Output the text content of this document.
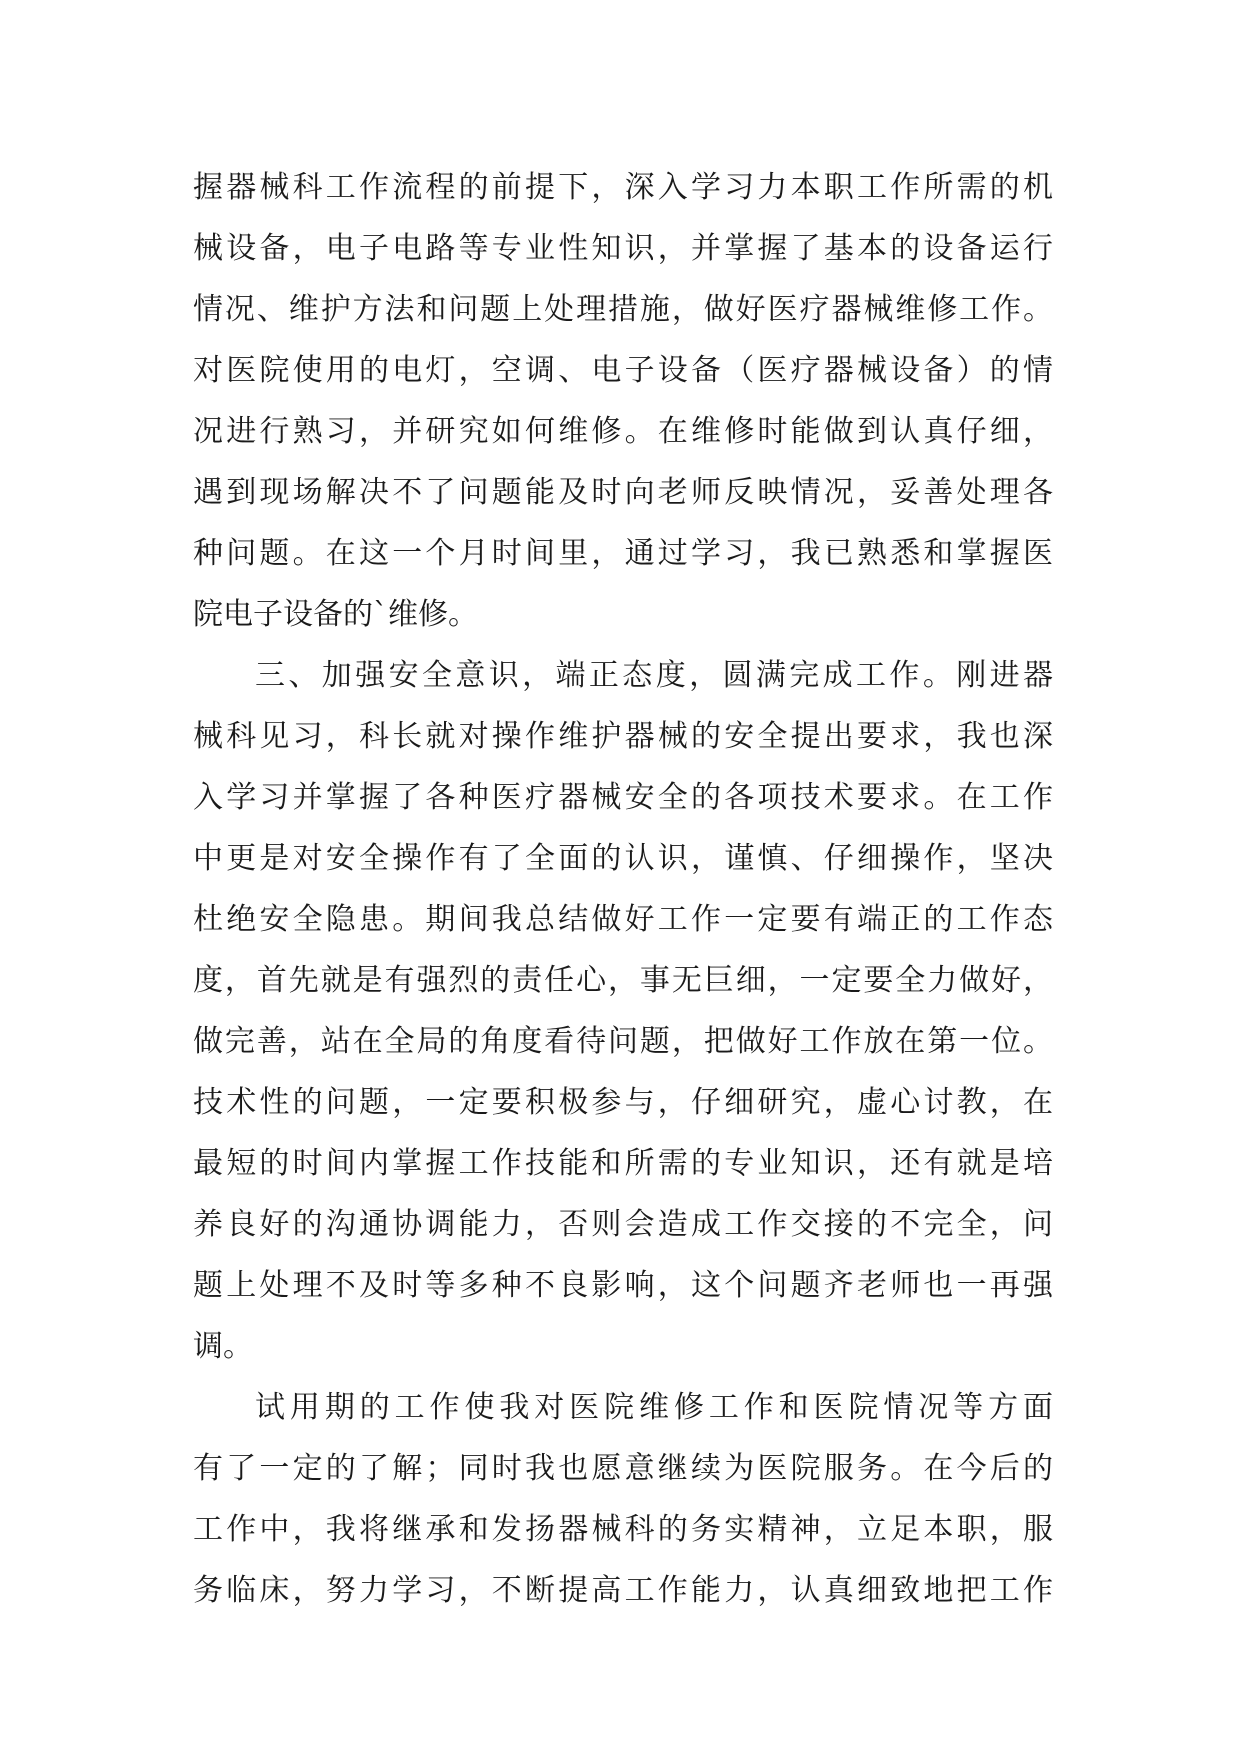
握器械科工作流程的前提下，深入学习力本职工作所需的机
械设备，电子电路等专业性知识，并掌握了基本的设备运行
情况、维护方法和问题上处理措施，做好医疗器械维修工作。
对医院使用的电灯，空调、电子设备（医疗器械设备）的情
况进行熟习，并研究如何维修。在维修时能做到认真仔细，
遇到现场解决不了问题能及时向老师反映情况，妥善处理各
种问题。在这一个月时间里，通过学习，我已熟悉和掌握医
院电子设备的`维修。
三、加强安全意识，端正态度，圆满完成工作。刚进器
械科见习，科长就对操作维护器械的安全提出要求，我也深
入学习并掌握了各种医疗器械安全的各项技术要求。在工作
中更是对安全操作有了全面的认识，谨慎、仔细操作，坚决
杜绝安全隐患。期间我总结做好工作一定要有端正的工作态
度，首先就是有强烈的责任心，事无巨细，一定要全力做好，
做完善，站在全局的角度看待问题，把做好工作放在第一位。
技术性的问题，一定要积极参与，仔细研究，虚心讨教，在
最短的时间内掌握工作技能和所需的专业知识，还有就是培
养良好的沟通协调能力，否则会造成工作交接的不完全，问
题上处理不及时等多种不良影响，这个问题齐老师也一再强
调。
试用期的工作使我对医院维修工作和医院情况等方面
有了一定的了解；同时我也愿意继续为医院服务。在今后的
工作中，我将继承和发扬器械科的务实精神，立足本职，服
务临床，努力学习，不断提高工作能力，认真细致地把工作
